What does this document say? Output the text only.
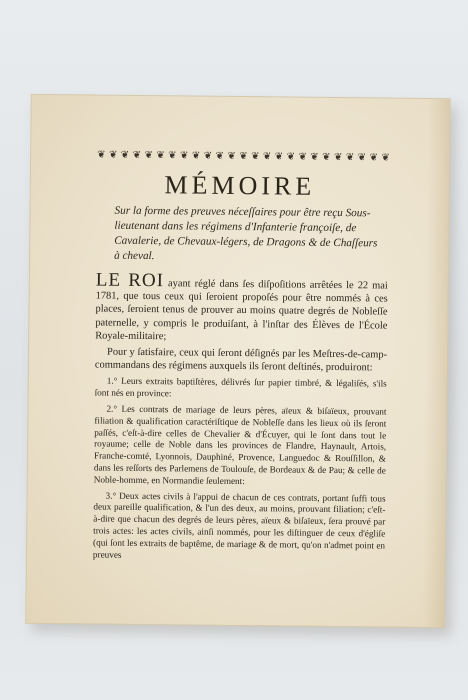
❦ ❦ ❦ ❦ ❦ ❦ ❦ ❦ ❦ ❦ ❦ ❦ ❦ ❦ ❦ ❦ ❦ ❦ ❦ ❦ ❦ ❦ ❦ ❦ ❦
MÉMOIRE
Sur la forme des preuves néceſſaires pour être reçu Sous-lieutenant dans les régimens d'Infanterie françoiſe, de Cavalerie, de Chevaux-légers, de Dragons & de Chaſſeurs à cheval.

LE ROI ayant réglé dans ſes diſpoſitions arrêtées le 22 mai 1781, que tous ceux qui ſeroient propoſés pour être nommés à ces places, ſeroient tenus de prouver au moins quatre degrés de Nobleſſe paternelle, y compris le produiſant, à l'inſtar des Élèves de l'École Royale-militaire;

Pour y ſatisfaire, ceux qui ſeront déſignés par les Meſtres-de-camp-commandans des régimens auxquels ils ſeront deſtinés, produiront:

1.° Leurs extraits baptiſtères, délivrés ſur papier timbré, & légaliſés, s'ils ſont nés en province:

2.° Les contrats de mariage de leurs pères, aïeux & biſaïeux, prouvant filiation & qualification caractériſtique de Nobleſſe dans les lieux où ils ſeront paſſés, c'eſt-à-dire celles de Chevalier & d'Écuyer, qui le ſont dans tout le royaume; celle de Noble dans les provinces de Flandre, Haynault, Artois, Franche-comté, Lyonnois, Dauphiné, Provence, Languedoc & Rouſſillon, & dans les reſſorts des Parlemens de Toulouſe, de Bordeaux & de Pau; & celle de Noble-homme, en Normandie ſeulement:

3.° Deux actes civils à l'appui de chacun de ces contrats, portant ſuffi tous deux pareille qualification, & l'un des deux, au moins, prouvant filiation; c'eſt-à-dire que chacun des degrés de leurs pères, aïeux & biſaïeux, ſera prouvé par trois actes: les actes civils, ainſi nommés, pour les diſtinguer de ceux d'égliſe (qui ſont les extraits de baptême, de mariage & de mort, qu'on n'admet point en preuves
